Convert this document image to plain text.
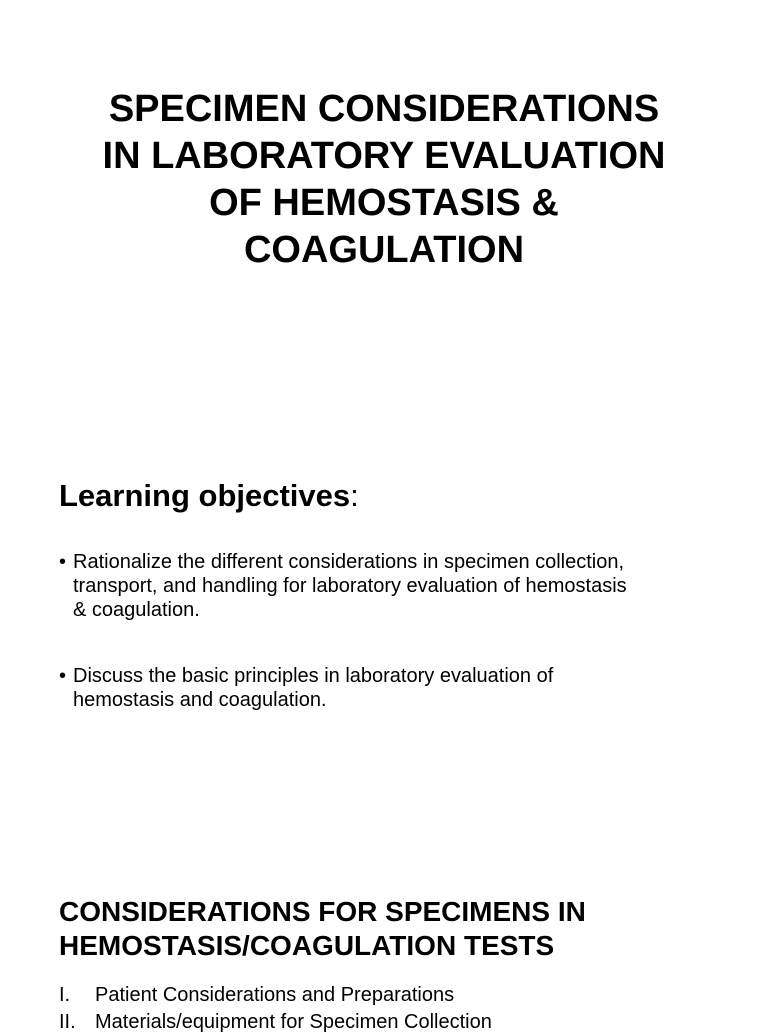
SPECIMEN CONSIDERATIONS
IN LABORATORY EVALUATION
OF HEMOSTASIS &
COAGULATION
Learning objectives:
• Rationalize the different considerations in specimen collection,
transport, and handling for laboratory evaluation of hemostasis
& coagulation.
• Discuss the basic principles in laboratory evaluation of
hemostasis and coagulation.
CONSIDERATIONS FOR SPECIMENS IN
HEMOSTASIS/COAGULATION TESTS
I.	Patient Considerations and Preparations
II. Materials/equipment for Specimen Collection
